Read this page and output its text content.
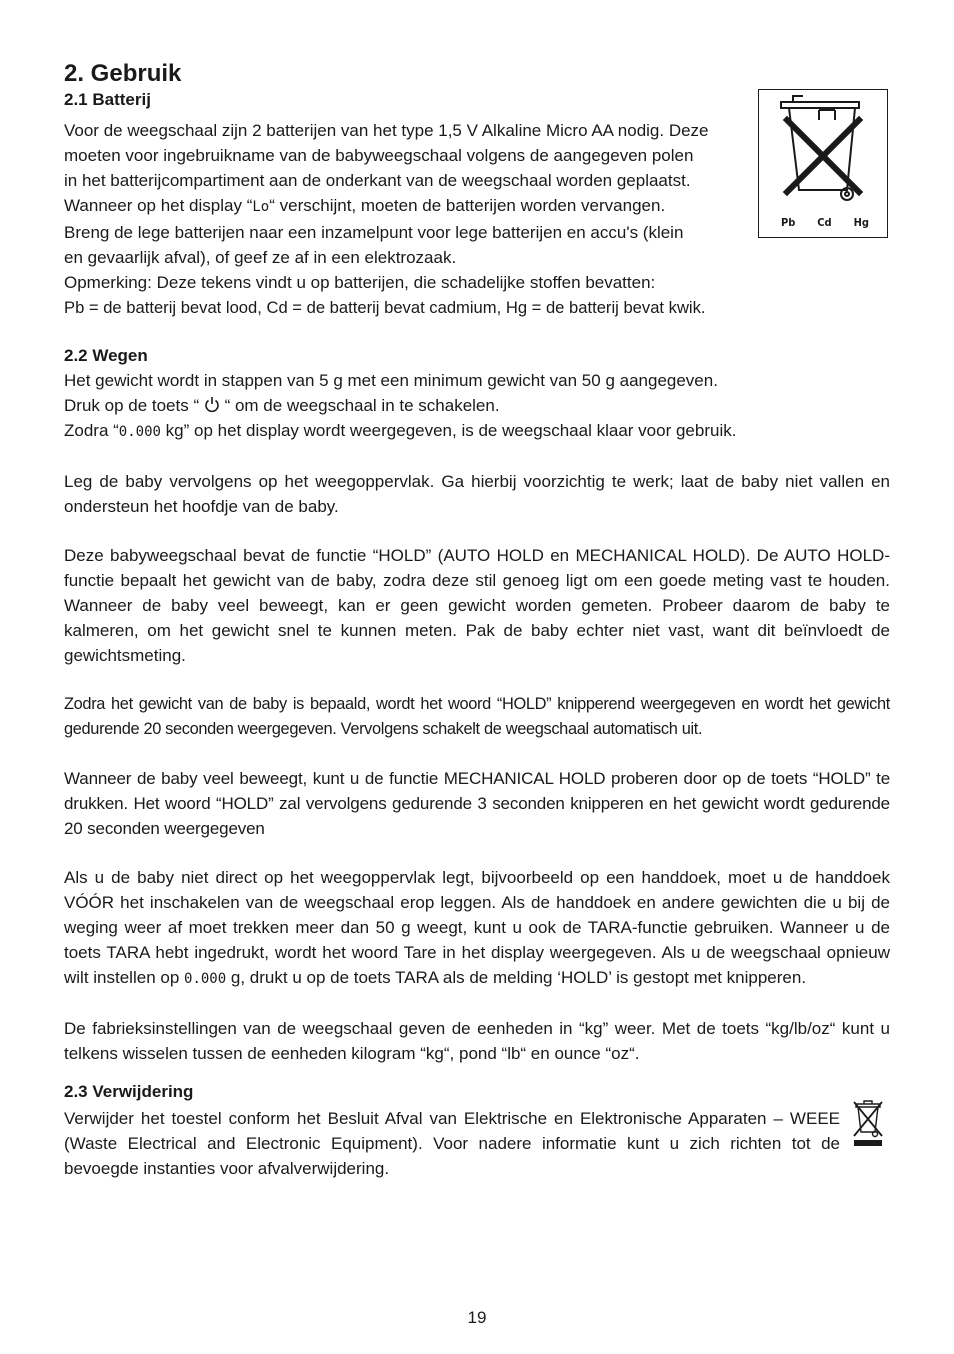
2. Gebruik
2.1 Batterij

Voor de weegschaal zijn 2 batterijen van het type 1,5 V Alkaline Micro AA nodig. Deze

moeten voor ingebruikname van de babyweegschaal volgens de aangegeven polen

in het batterijcompartiment aan de onderkant van de weegschaal worden geplaatst.

Wanneer op het display “Lo“ verschijnt, moeten de batterijen worden vervangen.

Breng de lege batterijen naar een inzamelpunt voor lege batterijen en accu's (klein

en gevaarlijk afval), of geef ze af in een elektrozaak.

Opmerking: Deze tekens vindt u op batterijen, die schadelijke stoffen bevatten:

Pb = de batterij bevat lood, Cd = de batterij bevat cadmium, Hg = de batterij bevat kwik.

Pb Cd Hg
2.2 Wegen

Het gewicht wordt in stappen van 5 g met een minimum gewicht van 50 g aangegeven.

Druk op de toets “  “ om de weegschaal in te schakelen.

Zodra “0.000 kg” op het display wordt weergegeven, is de weegschaal klaar voor gebruik.

Leg de baby vervolgens op het weegoppervlak. Ga hierbij voorzichtig te werk; laat de baby niet vallen en ondersteun het hoofdje van de baby.

Deze babyweegschaal bevat de functie “HOLD” (AUTO HOLD en MECHANICAL HOLD). De AUTO HOLD-functie bepaalt het gewicht van de baby, zodra deze stil genoeg ligt om een goede meting vast te houden. Wanneer de baby veel beweegt, kan er geen gewicht worden gemeten. Probeer daarom de baby te kalmeren, om het gewicht snel te kunnen meten. Pak de baby echter niet vast, want dit beïnvloedt de gewichtsmeting.

Zodra het gewicht van de baby is bepaald, wordt het woord “HOLD” knipperend weergegeven en wordt het gewicht gedurende 20 seconden weergegeven. Vervolgens schakelt de weegschaal automatisch uit.

Wanneer de baby veel beweegt, kunt u de functie MECHANICAL HOLD proberen door op de toets “HOLD” te drukken. Het woord “HOLD” zal vervolgens gedurende 3 seconden knipperen en het gewicht wordt gedurende 20 seconden weergegeven

Als u de baby niet direct op het weegoppervlak legt, bijvoorbeeld op een handdoek, moet u de handdoek VÓÓR het inschakelen van de weegschaal erop leggen. Als de handdoek en andere gewichten die u bij de weging weer af moet trekken meer dan 50 g weegt, kunt u ook de TARA-functie gebruiken. Wanneer u de toets TARA hebt ingedrukt, wordt het woord Tare in het display weergegeven. Als u de weegschaal opnieuw wilt instellen op 0.000 g, drukt u op de toets TARA als de melding ‘HOLD’ is gestopt met knipperen.

De fabrieksinstellingen van de weegschaal geven de eenheden in “kg” weer. Met de toets “kg/lb/oz“ kunt u telkens wisselen tussen de eenheden kilogram “kg“, pond “lb“ en ounce “oz“.

2.3 Verwijdering

Verwijder het toestel conform het Besluit Afval van Elektrische en Elektronische Apparaten – WEEE (Waste Electrical and Electronic Equipment). Voor nadere informatie kunt u zich richten tot de bevoegde instanties voor afvalverwijdering.

19
